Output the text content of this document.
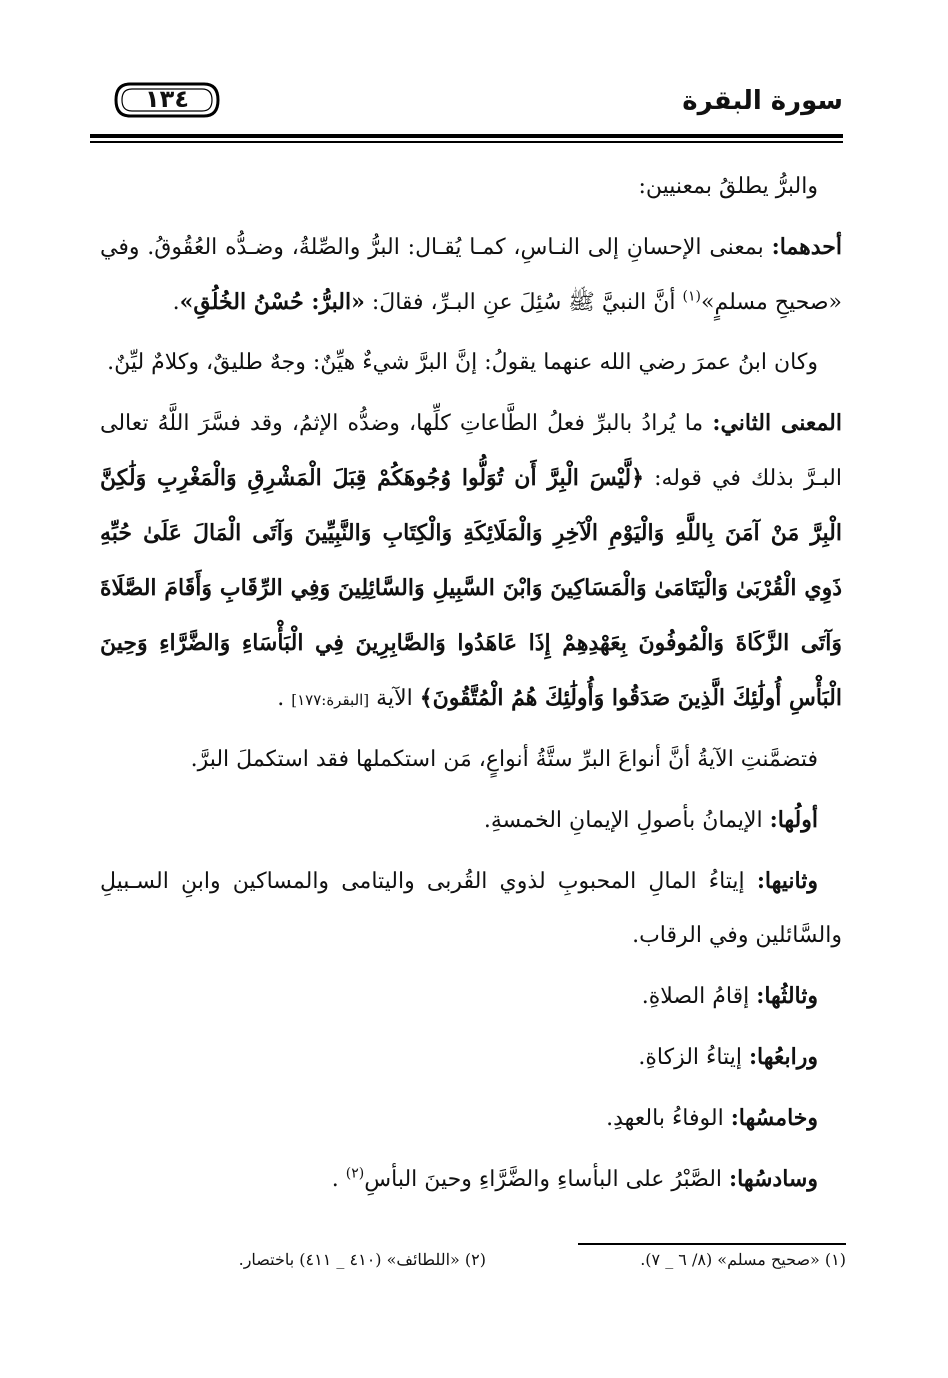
سورة البقرة
١٣٤

والبرُّ يطلقُ بمعنيين:

أحدهما: بمعنى الإحسانِ إلى النـاسِ، كمـا يُقـال: البرُّ والصِّلةُ، وضـدُّه العُقُوقُ. وفي «صحيحِ مسلمٍ»$^{(١)}$ أنَّ النبيَّ ﷺ سُئِلَ عنِ البـرِّ، فقالَ: «البرُّ: حُسْنُ الخُلُقِ».

وكان ابنُ عمرَ رضي الله عنهما يقولُ: إنَّ البرَّ شيءٌ هيِّنٌ: وجهٌ طليقٌ، وكلامٌ ليِّنٌ.

المعنى الثاني: ما يُرادُ بالبرِّ فعلُ الطَّاعاتِ كلِّها، وضدُّه الإثمُ، وقد فسَّرَ اللَّهُ تعالى البـرَّ بذلك في قوله: ﴿لَّيْسَ الْبِرَّ أَن تُوَلُّوا وُجُوهَكُمْ قِبَلَ الْمَشْرِقِ وَالْمَغْرِبِ وَلَٰكِنَّ الْبِرَّ مَنْ آمَنَ بِاللَّهِ وَالْيَوْمِ الْآخِرِ وَالْمَلَائِكَةِ وَالْكِتَابِ وَالنَّبِيِّينَ وَآتَى الْمَالَ عَلَىٰ حُبِّهِ ذَوِي الْقُرْبَىٰ وَالْيَتَامَىٰ وَالْمَسَاكِينَ وَابْنَ السَّبِيلِ وَالسَّائِلِينَ وَفِي الرِّقَابِ وَأَقَامَ الصَّلَاةَ وَآتَى الزَّكَاةَ وَالْمُوفُونَ بِعَهْدِهِمْ إِذَا عَاهَدُوا وَالصَّابِرِينَ فِي الْبَأْسَاءِ وَالضَّرَّاءِ وَحِينَ الْبَأْسِ أُولَٰئِكَ الَّذِينَ صَدَقُوا وَأُولَٰئِكَ هُمُ الْمُتَّقُونَ﴾ الآية [البقرة:١٧٧] .

فتضمَّنتِ الآيةُ أنَّ أنواعَ البرِّ ستَّةُ أنواعٍ، مَن استكملها فقد استكملَ البرَّ.

أولُها: الإيمانُ بأصولِ الإيمانِ الخمسةِ.

وثانيها: إيتاءُ المالِ المحبوبِ لذوي القُربى واليتامى والمساكين وابنِ السـبيلِ والسَّائلين وفي الرقاب.

وثالثُها: إقامُ الصلاةِ.

ورابعُها: إيتاءُ الزكاةِ.

وخامسُها: الوفاءُ بالعهدِ.

وسادسُها: الصَّبْرُ على البأساءِ والضَّرَّاءِ وحينَ البأسِ$^{(٢)}$ .

(١) «صحيح مسلم» (٨/ ٦ _ ٧).
(٢) «اللطائف» (٤١٠ _ ٤١١) باختصار.
